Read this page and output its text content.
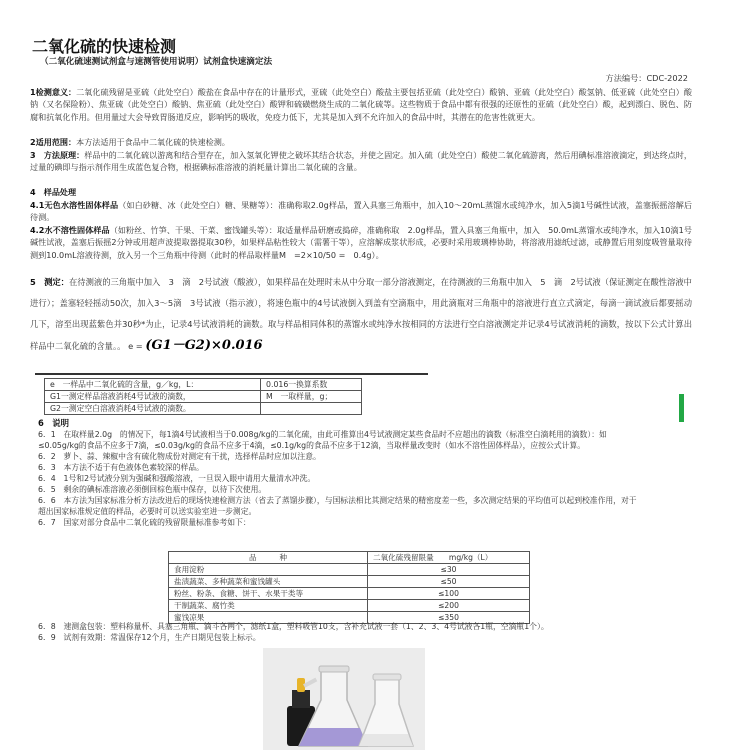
二氧化硫的快速检测
（二氧化硫速测试剂盒与速测管使用说明）试剂盒快速滴定法
方法编号：CDC-2022
1检测意义：二氧化硫残留是亚硫（此处空白）酸盐在食品中存在的计量形式，亚硫（此处空白）酸盐主要包括亚硫（此处空白）酸钠、亚硫（此处空白）酸氢钠、低亚硫（此处空白）酸钠（又名保险粉）、焦亚硫（此处空白）酸钠、焦亚硫（此处空白）酸钾和硫磺燃烧生成的二氧化硫等。这些物质于食品中都有很强的还原性的亚硫（此处空白）酸，起到漂白、脱色、防腐和抗氧化作用。但用量过大会导致胃肠道反应，影响钙的吸收，免疫力低下，尤其是加入到不允许加入的食品中时，其潜在的危害性就更大。
2适用范围：本方法适用于食品中二氧化硫的快速检测。
3　方法原理：样品中的二氧化硫以游离和结合型存在，加入氢氧化钾使之破坏其结合状态，并使之固定。加入硫（此处空白）酸使二氧化硫游离，然后用碘标准溶液滴定，到达终点时，过量的碘即与指示剂作用生成蓝色复合物，根据碘标准溶液的消耗量计算出二氧化硫的含量。
4　样品处理
4.1无色水溶性固体样品（如白砂糖、冰（此处空白）糖、果糖等）：准确称取2.0g样品，置入具塞三角瓶中，加入10～20mL蒸馏水或纯净水，加入5滴1号碱性试液，盖塞振摇溶解后待测。
4.2水不溶性固体样品（如粉丝、竹笋、干果、干菜、蜜饯罐头等）：取适量样品研磨或捣碎，准确称取　2.0g样品，置入具塞三角瓶中，加入　50.0mL蒸馏水或纯净水，加入10滴1号碱性试液，盖塞后振摇2分钟或用超声波提取器提取30秒，如果样品粘性较大（需薯干等），应溶解成浆状形成，必要时采用玻璃棒协助，将溶液用滤纸过滤，或静置后用刻度吸管量取待测到10.0mL溶液待测，放入另一个三角瓶中待测（此时的样品取样量M　=2×10/50 =　0.4g）。
5　测定：在待测液的三角瓶中加入　3　滴　2号试液（酸液），如果样品在处理时未从中分取一部分溶液测定，在待测液的三角瓶中加入　5　滴　2号试液（保证测定在酸性溶液中进行）；盖塞轻轻摇动50次，加入3～5滴　3号试液（指示液），将速色瓶中的4号试液倒入到盖有空滴瓶中，用此滴瓶对三角瓶中的溶液进行直立式滴定，每滴一滴试液后都要摇动几下，溶至出现蓝紫色并30秒*为止，记录4号试液消耗的滴数。取与样品相同体积的蒸馏水或纯净水按相同的方法进行空白溶液测定并记录4号试液消耗的滴数，按以下公式计算出样品中二氧化硫的含量。。 e = (G1－G2)×0.016
e　一样品中二氧化硫的含量，g／kg，L：	0.016一换算系数
G1一测定样品溶液消耗4号试液的滴数，	M　一取样量，g；
G2一测定空白溶液消耗4号试液的滴数。	
6　说明
6．1　在取样量2.0g　的情况下，每1滴4号试液相当于0.008g/kg的二氧化硫，由此可推算出4号试液测定某些食品时不应超出的滴数（标准空白滴耗用的滴数）：如≤0.05g/kg的食品不应多于7滴，≤0.03g/kg的食品不应多于4滴，≤0.1g/kg的食品不应多于12滴，当取样量改变时（如水不溶性固体样品），应按公式计算。
6．2　萝卜、蒜、辣椒中含有硫化物成份对测定有干扰，选择样品时应加以注意。
6．3　本方法不适于有色液体色素较深的样品。
6．4　1号和2号试液分别为强碱和强酸溶液，一旦误入眼中请用大量清水冲洗。
6．5　剩余的碘标准溶液必须倒回棕色瓶中保存，以待下次使用。
6．6　本方法为国家标准分析方法改进后的现场快速检测方法（省去了蒸馏步骤），与国标法相比其测定结果的精密度差一些，多次测定结果的平均值可以起到校准作用，对于超出国家标准规定值的样品，必要时可以送实验室进一步测定。
6．7　国家对部分食品中二氧化硫的残留限量标准参考如下：
品　　　种	二氧化硫残留限量　　mg/kg（L）
食用淀粉	≤30
盐渍蔬菜、多种蔬菜和蜜饯罐头	≤50
粉丝、粉条、食糖、饼干、水果干类等	≤100
干制蔬菜、腐竹类	≤200
蜜饯凉果	≤350
6．8　速测盒包装：塑料称量杯、具塞三角瓶、滴斗各两个，滤纸1盒，塑料吸管10支，含补充试液一套（1、2、3、4号试液各1瓶，空滴瓶1个）。
6．9　试剂有效期：常温保存12个月，生产日期见包装上标示。
